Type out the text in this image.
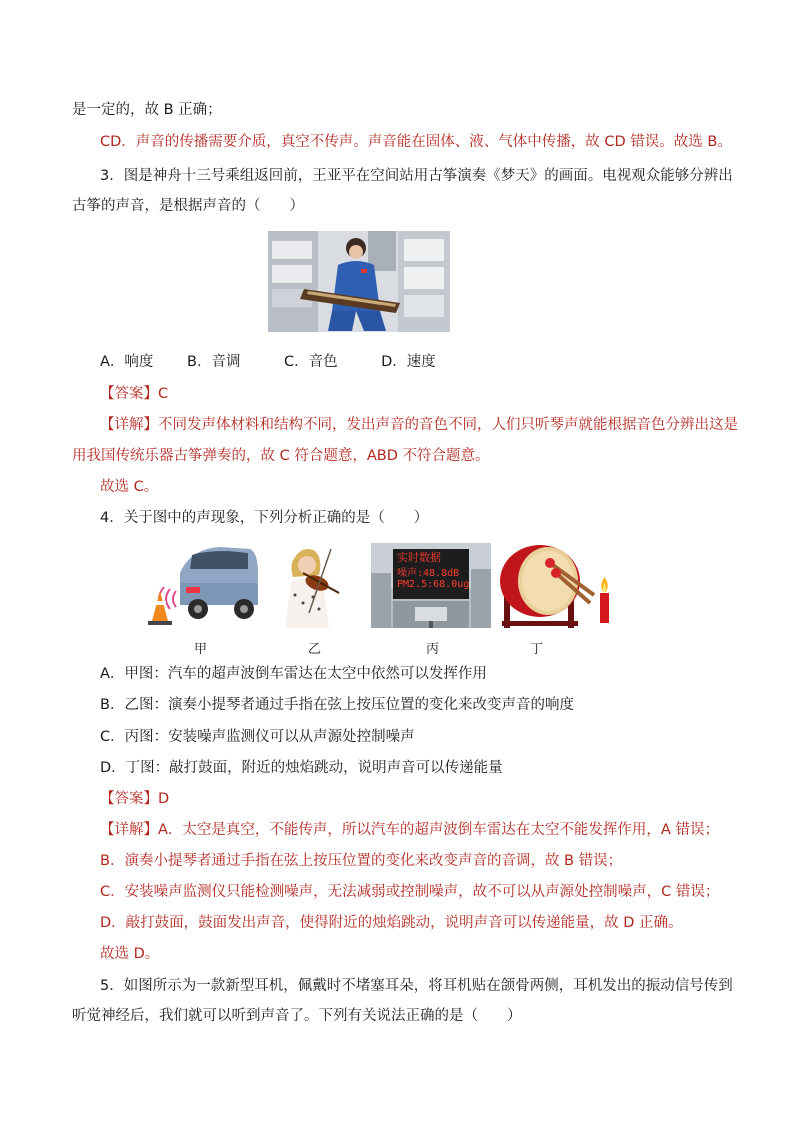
是一定的，故 B 正确；
CD．声音的传播需要介质，真空不传声。声音能在固体、液、气体中传播，故 CD 错误。故选 B。
3．图是神舟十三号乘组返回前，王亚平在空间站用古筝演奏《梦天》的画面。电视观众能够分辨出
古筝的声音，是根据声音的（　　）
A．响度　　 B．音调　　　C．音色　　　D．速度
【答案】C
【详解】不同发声体材料和结构不同，发出声音的音色不同，人们只听琴声就能根据音色分辨出这是
用我国传统乐器古筝弹奏的，故 C 符合题意，ABD 不符合题意。
故选 C。
4．关于图中的声现象，下列分析正确的是（　　）
实时数据
噪声:48.8dB
PM2.5:68.0ug
甲	乙	丙	丁
A．甲图：汽车的超声波倒车雷达在太空中依然可以发挥作用
B．乙图：演奏小提琴者通过手指在弦上按压位置的变化来改变声音的响度
C．丙图：安装噪声监测仪可以从声源处控制噪声
D．丁图：敲打鼓面，附近的烛焰跳动，说明声音可以传递能量
【答案】D
【详解】A．太空是真空，不能传声，所以汽车的超声波倒车雷达在太空不能发挥作用，A 错误；
B．演奏小提琴者通过手指在弦上按压位置的变化来改变声音的音调，故 B 错误；
C．安装噪声监测仪只能检测噪声，无法减弱或控制噪声，故不可以从声源处控制噪声，C 错误；
D．敲打鼓面，鼓面发出声音，使得附近的烛焰跳动，说明声音可以传递能量，故 D 正确。
故选 D。
5．如图所示为一款新型耳机，佩戴时不堵塞耳朵，将耳机贴在颌骨两侧，耳机发出的振动信号传到
听觉神经后，我们就可以听到声音了。下列有关说法正确的是（　　）
